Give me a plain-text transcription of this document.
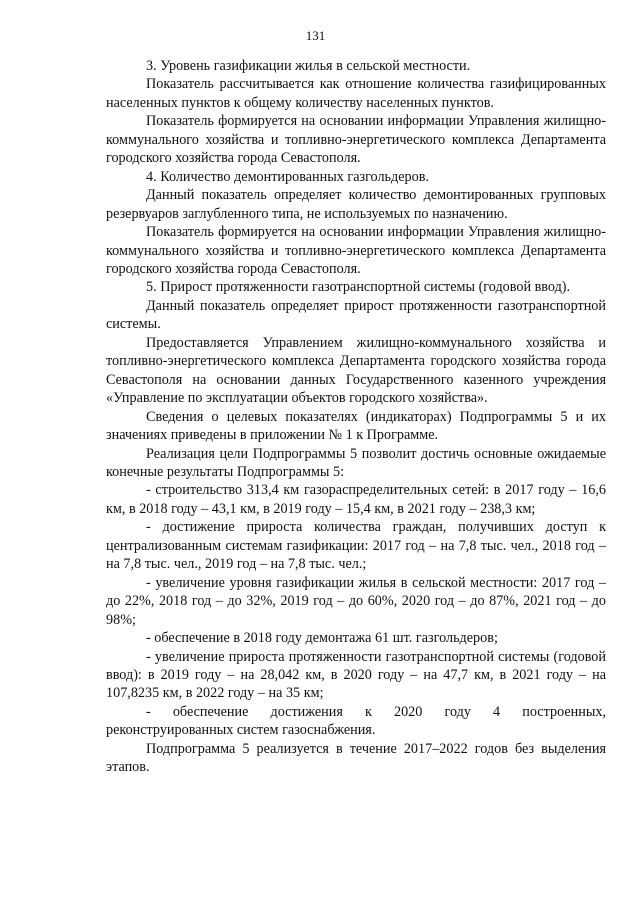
131

3. Уровень газификации жилья в сельской местности.

Показатель рассчитывается как отношение количества газифицированных населенных пунктов к общему количеству населенных пунктов.

Показатель формируется на основании информации Управления жилищно-коммунального хозяйства и топливно-энергетического комплекса Департамента городского хозяйства города Севастополя.

4. Количество демонтированных газгольдеров.

Данный показатель определяет количество демонтированных групповых резервуаров заглубленного типа, не используемых по назначению.

Показатель формируется на основании информации Управления жилищно-коммунального хозяйства и топливно-энергетического комплекса Департамента городского хозяйства города Севастополя.

5. Прирост протяженности газотранспортной системы (годовой ввод).

Данный показатель определяет прирост протяженности газотранспортной системы.

Предоставляется Управлением жилищно-коммунального хозяйства и топливно-энергетического комплекса Департамента городского хозяйства города Севастополя на основании данных Государственного казенного учреждения «Управление по эксплуатации объектов городского хозяйства».

Сведения о целевых показателях (индикаторах) Подпрограммы 5 и их значениях приведены в приложении № 1 к Программе.

Реализация цели Подпрограммы 5 позволит достичь основные ожидаемые конечные результаты Подпрограммы 5:

- строительство 313,4 км газораспределительных сетей: в 2017 году – 16,6 км, в 2018 году – 43,1 км, в 2019 году – 15,4 км, в 2021 году – 238,3 км;

- достижение прироста количества граждан, получивших доступ к централизованным системам газификации: 2017 год – на 7,8 тыс. чел., 2018 год – на 7,8 тыс. чел., 2019 год – на 7,8 тыс. чел.;

- увеличение уровня газификации жилья в сельской местности: 2017 год – до 22%, 2018 год – до 32%, 2019 год – до 60%, 2020 год – до 87%, 2021 год – до 98%;

- обеспечение в 2018 году демонтажа 61 шт. газгольдеров;

- увеличение прироста протяженности газотранспортной системы (годовой ввод): в 2019 году – на 28,042 км, в 2020 году – на 47,7 км, в 2021 году – на 107,8235 км, в 2022 году – на 35 км;

- обеспечение достижения к 2020 году 4 построенных, реконструированных систем газоснабжения.

Подпрограмма 5 реализуется в течение 2017–2022 годов без выделения этапов.
